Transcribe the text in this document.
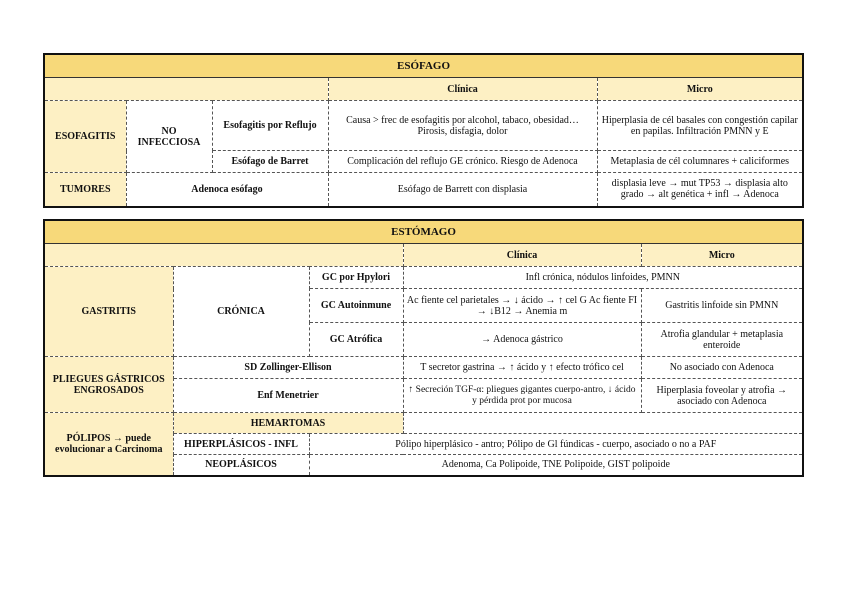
ESÓFAGO				
			Clínica	Micro
ESOFAGITIS	NO INFECCIOSA	Esofagitis por Reflujo	Causa > frec de esofagitis por alcohol, tabaco, obesidad… Pirosis, disfagia, dolor	Hiperplasia de cél basales con congestión capilar en papilas. Infiltración PMNN y E
		Esófago de Barret	Complicación del reflujo GE crónico. Riesgo de Adenoca	Metaplasia de cél columnares + caliciformes
TUMORES	Adenoca esófago		Esófago de Barrett con displasia	displasia leve → mut TP53 → displasia alto grado → alt genética + infl → Adenoca
ESTÓMAGO				
			Clínica	Micro
GASTRITIS	CRÓNICA	GC por Hpylori	Infl crónica, nódulos linfoides, PMNN	
		GC Autoinmune	Ac fiente cel parietales → ↓ ácido → ↑ cel G Ac fiente FI → ↓B12 → Anemia m	Gastritis linfoide sin PMNN
		GC Atrófica	→ Adenoca gástrico	Atrofia glandular + metaplasia enteroide
PLIEGUES GÁSTRICOS ENGROSADOS	SD Zollinger-Ellison		T secretor gastrina → ↑ ácido y ↑ efecto trófico cel	No asociado con Adenoca
	Enf Menetrier		↑ Secreción TGF-α: pliegues gigantes cuerpo-antro, ↓ ácido y pérdida prot por mucosa	Hiperplasia foveolar y atrofia → asociado con Adenoca
PÓLIPOS → puede evolucionar a Carcinoma	HEMARTOMAS			
	HIPERPLÁSICOS - INFL	Pólipo hiperplásico - antro; Pólipo de Gl fúndicas - cuerpo, asociado o no a PAF		
	NEOPLÁSICOS	Adenoma, Ca Polipoide, TNE Polipoide, GIST polipoide		
